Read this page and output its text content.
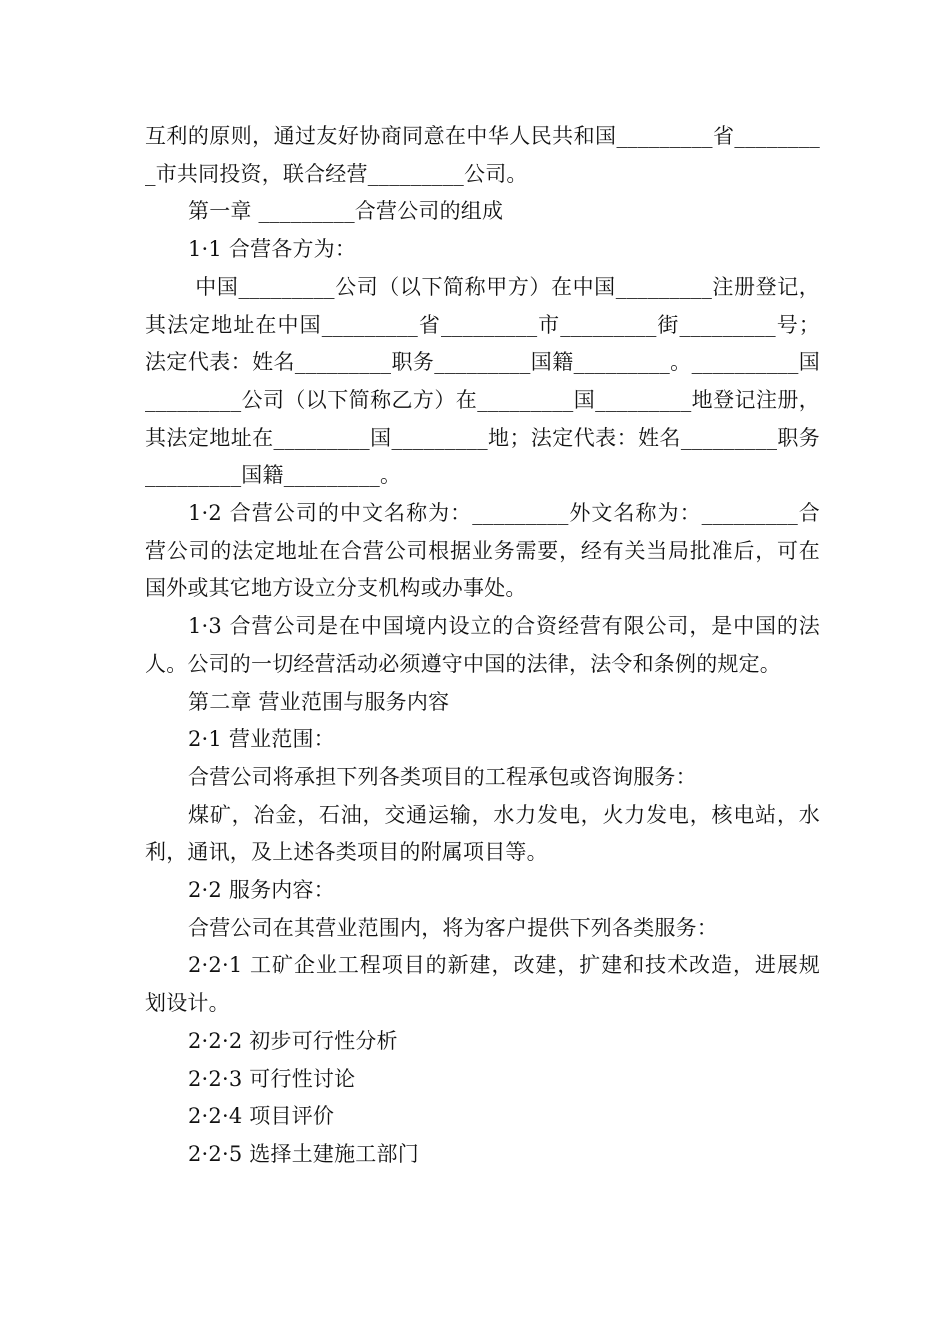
互利的原则，通过友好协商同意在中华人民共和国_________省_________市共同投资，联合经营_________公司。

第一章 _________合营公司的组成

1·1 合营各方为：

中国_________公司（以下简称甲方）在中国_________注册登记，其法定地址在中国_________省_________市_________街_________号；法定代表：姓名_________职务_________国籍_________。__________国_________公司（以下简称乙方）在_________国_________地登记注册，其法定地址在_________国_________地；法定代表：姓名_________职务_________国籍_________。

1·2 合营公司的中文名称为：_________外文名称为：_________合营公司的法定地址在合营公司根据业务需要，经有关当局批准后，可在国外或其它地方设立分支机构或办事处。

1·3 合营公司是在中国境内设立的合资经营有限公司，是中国的法人。公司的一切经营活动必须遵守中国的法律，法令和条例的规定。

第二章 营业范围与服务内容

2·1 营业范围：

合营公司将承担下列各类项目的工程承包或咨询服务：

煤矿，冶金，石油，交通运输，水力发电，火力发电，核电站，水利，通讯，及上述各类项目的附属项目等。

2·2 服务内容：

合营公司在其营业范围内，将为客户提供下列各类服务：

2·2·1 工矿企业工程项目的新建，改建，扩建和技术改造，进展规划设计。

2·2·2 初步可行性分析

2·2·3 可行性讨论

2·2·4 项目评价

2·2·5 选择土建施工部门
